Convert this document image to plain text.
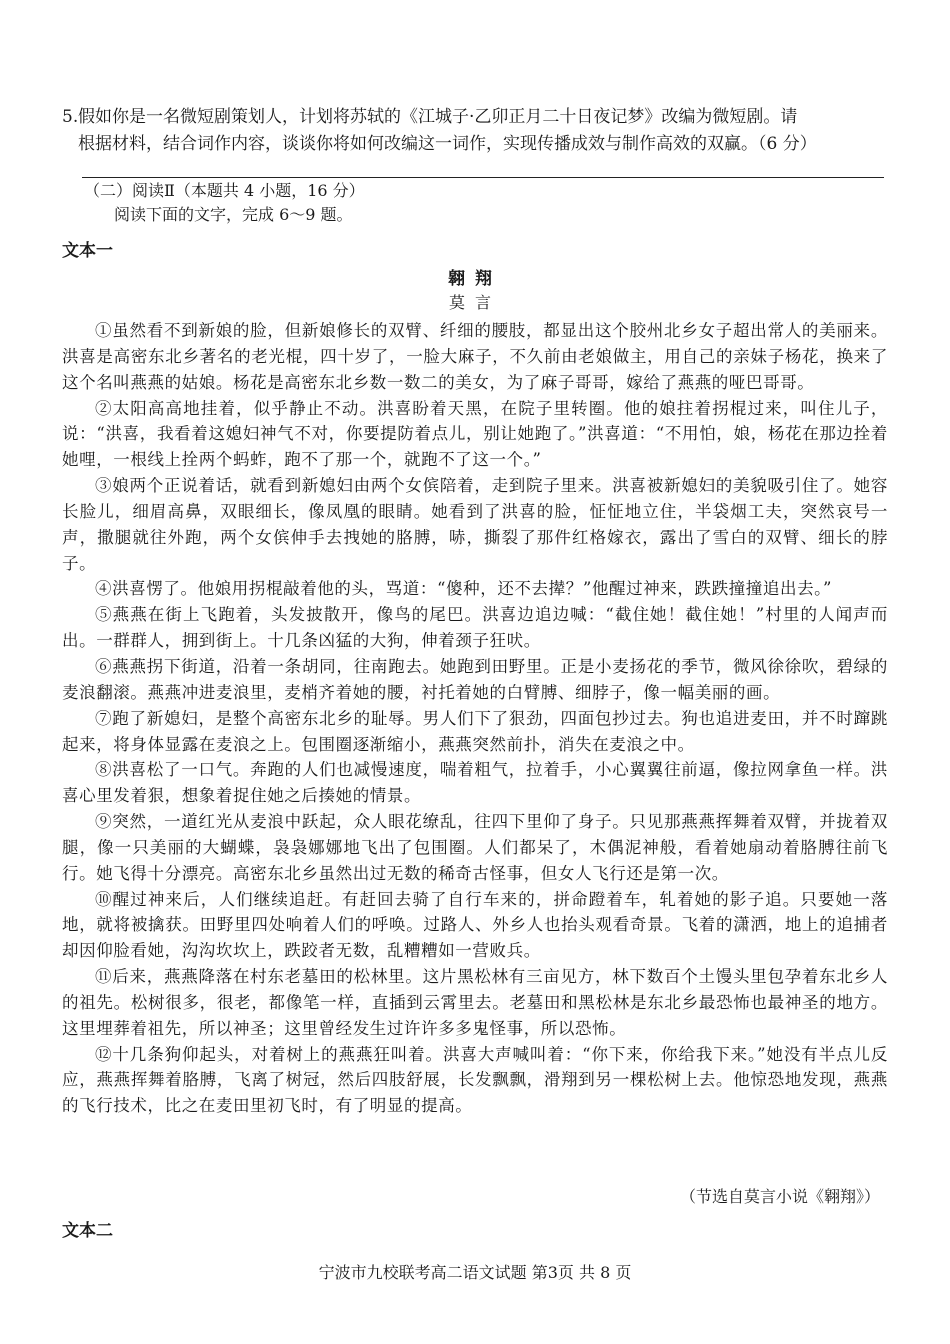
5.假如你是一名微短剧策划人，计划将苏轼的《江城子·乙卯正月二十日夜记梦》改编为微短剧。请
根据材料，结合词作内容，谈谈你将如何改编这一词作，实现传播成效与制作高效的双赢。（6 分）
（二）阅读Ⅱ（本题共 4 小题，16 分）
阅读下面的文字，完成 6～9 题。
文本一
翱翔
莫言

①虽然看不到新娘的脸，但新娘修长的双臂、纤细的腰肢，都显出这个胶州北乡女子超出常人的美丽来。洪喜是高密东北乡著名的老光棍，四十岁了，一脸大麻子，不久前由老娘做主，用自己的亲妹子杨花，换来了这个名叫燕燕的姑娘。杨花是高密东北乡数一数二的美女，为了麻子哥哥，嫁给了燕燕的哑巴哥哥。

②太阳高高地挂着，似乎静止不动。洪喜盼着天黑，在院子里转圈。他的娘拄着拐棍过来，叫住儿子，说：“洪喜，我看着这媳妇神气不对，你要提防着点儿，别让她跑了。”洪喜道：“不用怕，娘，杨花在那边拴着她哩，一根线上拴两个蚂蚱，跑不了那一个，就跑不了这一个。”

③娘两个正说着话，就看到新媳妇由两个女傧陪着，走到院子里来。洪喜被新媳妇的美貌吸引住了。她容长脸儿，细眉高鼻，双眼细长，像凤凰的眼睛。她看到了洪喜的脸，怔怔地立住，半袋烟工夫，突然哀号一声，撒腿就往外跑，两个女傧伸手去拽她的胳膊，哧，撕裂了那件红格嫁衣，露出了雪白的双臂、细长的脖子。

④洪喜愣了。他娘用拐棍敲着他的头，骂道：“傻种，还不去撵？”他醒过神来，跌跌撞撞追出去。”

⑤燕燕在街上飞跑着，头发披散开，像鸟的尾巴。洪喜边追边喊：“截住她！截住她！”村里的人闻声而出。一群群人，拥到街上。十几条凶猛的大狗，伸着颈子狂吠。

⑥燕燕拐下街道，沿着一条胡同，往南跑去。她跑到田野里。正是小麦扬花的季节，微风徐徐吹，碧绿的麦浪翻滚。燕燕冲进麦浪里，麦梢齐着她的腰，衬托着她的白臂膊、细脖子，像一幅美丽的画。

⑦跑了新媳妇，是整个高密东北乡的耻辱。男人们下了狠劲，四面包抄过去。狗也追进麦田，并不时蹿跳起来，将身体显露在麦浪之上。包围圈逐渐缩小，燕燕突然前扑，消失在麦浪之中。

⑧洪喜松了一口气。奔跑的人们也减慢速度，喘着粗气，拉着手，小心翼翼往前逼，像拉网拿鱼一样。洪喜心里发着狠，想象着捉住她之后揍她的情景。

⑨突然，一道红光从麦浪中跃起，众人眼花缭乱，往四下里仰了身子。只见那燕燕挥舞着双臂，并拢着双腿，像一只美丽的大蝴蝶，袅袅娜娜地飞出了包围圈。人们都呆了，木偶泥神般，看着她扇动着胳膊往前飞行。她飞得十分漂亮。高密东北乡虽然出过无数的稀奇古怪事，但女人飞行还是第一次。

⑩醒过神来后，人们继续追赶。有赶回去骑了自行车来的，拼命蹬着车，轧着她的影子追。只要她一落地，就将被擒获。田野里四处响着人们的呼唤。过路人、外乡人也抬头观看奇景。飞着的潇洒，地上的追捕者却因仰脸看她，沟沟坎坎上，跌跤者无数，乱糟糟如一营败兵。

⑪后来，燕燕降落在村东老墓田的松林里。这片黑松林有三亩见方，林下数百个土馒头里包孕着东北乡人的祖先。松树很多，很老，都像笔一样，直插到云霄里去。老墓田和黑松林是东北乡最恐怖也最神圣的地方。这里埋葬着祖先，所以神圣；这里曾经发生过许许多多鬼怪事，所以恐怖。

⑫十几条狗仰起头，对着树上的燕燕狂叫着。洪喜大声喊叫着：“你下来，你给我下来。”她没有半点儿反应，燕燕挥舞着胳膊，飞离了树冠，然后四肢舒展，长发飘飘，滑翔到另一棵松树上去。他惊恐地发现，燕燕的飞行技术，比之在麦田里初飞时，有了明显的提高。

（节选自莫言小说《翱翔》）
文本二
宁波市九校联考高二语文试题 第3页 共 8 页
